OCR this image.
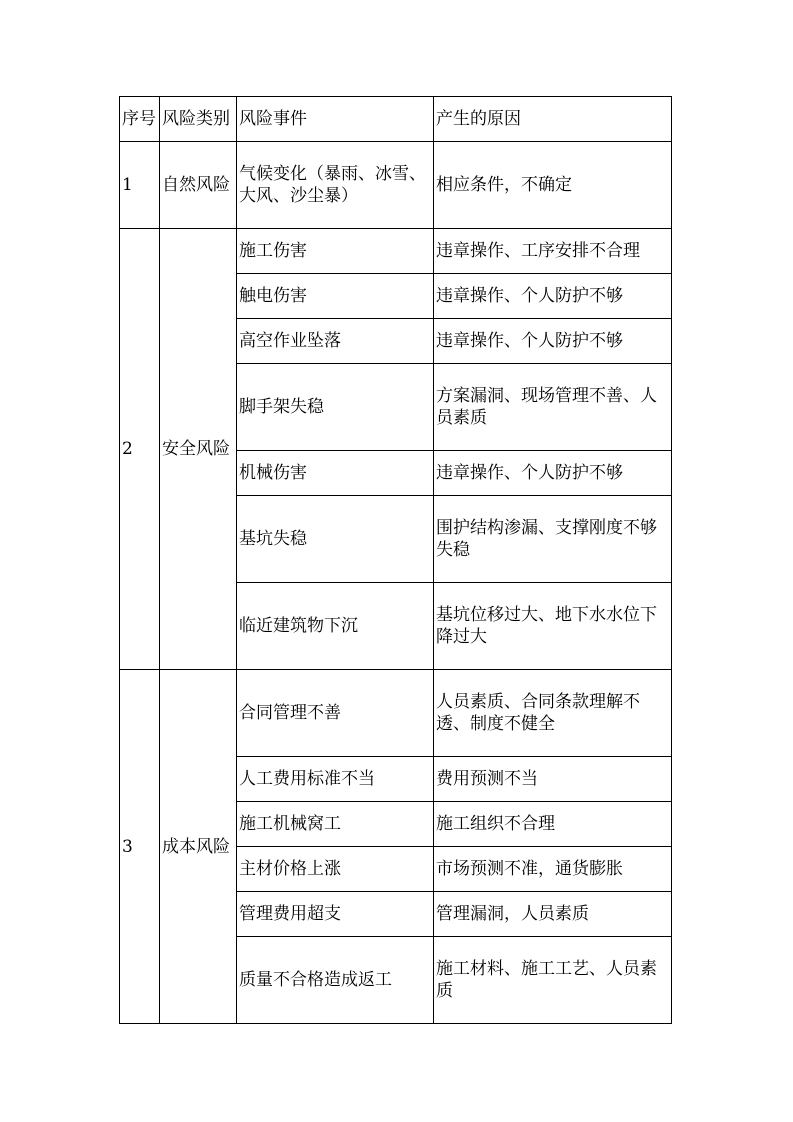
序号	风险类别	风险事件	产生的原因
1	自然风险	气候变化（暴雨、冰雪、大风、沙尘暴）	相应条件，不确定
2	安全风险	施工伤害	违章操作、工序安排不合理
		触电伤害	违章操作、个人防护不够
		高空作业坠落	违章操作、个人防护不够
		脚手架失稳	方案漏洞、现场管理不善、人员素质
		机械伤害	违章操作、个人防护不够
		基坑失稳	围护结构渗漏、支撑刚度不够失稳
		临近建筑物下沉	基坑位移过大、地下水水位下降过大
3	成本风险	合同管理不善	人员素质、合同条款理解不透、制度不健全
		人工费用标准不当	费用预测不当
		施工机械窝工	施工组织不合理
		主材价格上涨	市场预测不准，通货膨胀
		管理费用超支	管理漏洞，人员素质
		质量不合格造成返工	施工材料、施工工艺、人员素质
